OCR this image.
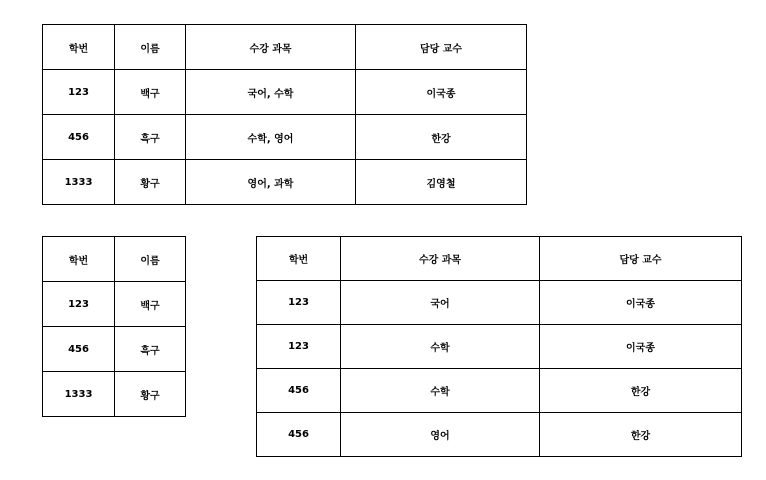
학번	이름	수강 과목	담당 교수
123	백구	국어, 수학	이국종
456	흑구	수학, 영어	한강
1333	황구	영어, 과학	김영철
학번	이름
123	백구
456	흑구
1333	황구
학번	수강 과목	담당 교수
123	국어	이국종
123	수학	이국종
456	수학	한강
456	영어	한강
